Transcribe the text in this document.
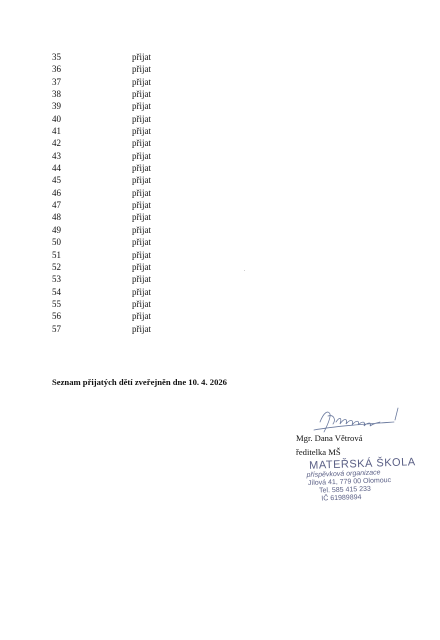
35	přijat
36	přijat
37	přijat
38	přijat
39	přijat
40	přijat
41	přijat
42	přijat
43	přijat
44	přijat
45	přijat
46	přijat
47	přijat
48	přijat
49	přijat
50	přijat
51	přijat
52	přijat
53	přijat
54	přijat
55	přijat
56	přijat
57	přijat
Seznam přijatých dětí zveřejněn dne 10. 4. 2026
Mgr. Dana Větrová
ředitelka MŠ
MATEŘSKÁ ŠKOLA
příspěvková organizace
Jílová 41, 779 00 Olomouc
Tel. 585 415 233
IČ 61989894
